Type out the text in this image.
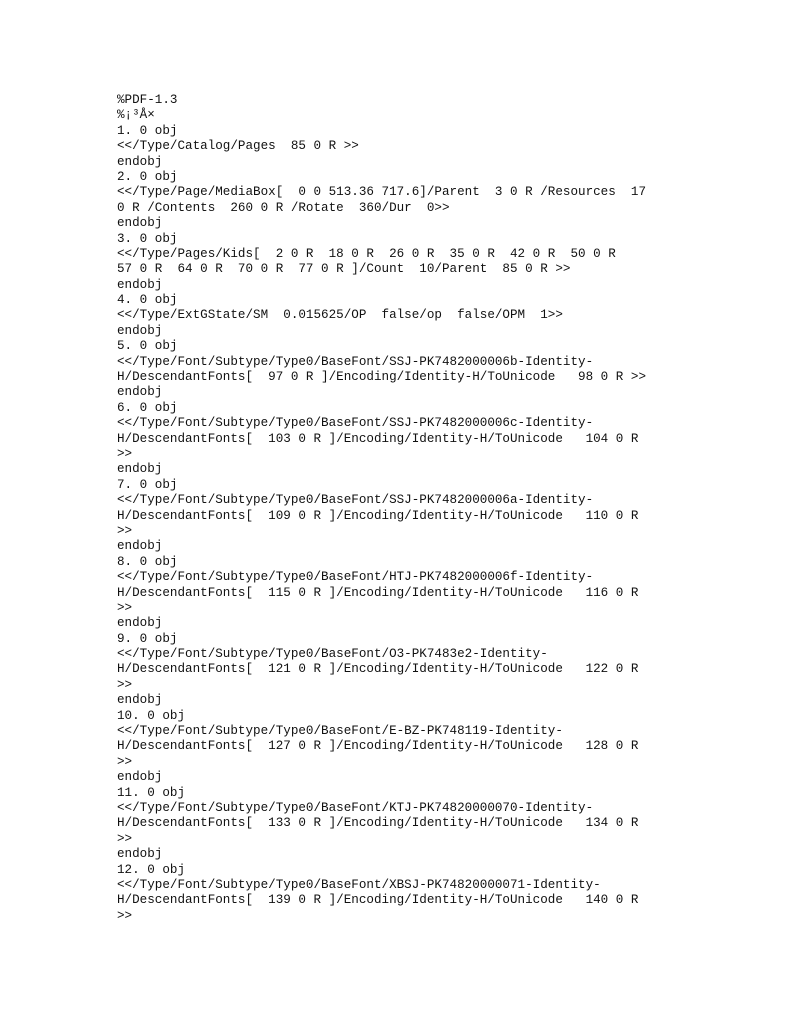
%PDF-1.3
%¡³Å×
1. 0 obj
<</Type/Catalog/Pages  85 0 R >>
endobj
2. 0 obj
<</Type/Page/MediaBox[  0 0 513.36 717.6]/Parent  3 0 R /Resources  17
0 R /Contents  260 0 R /Rotate  360/Dur  0>>
endobj
3. 0 obj
<</Type/Pages/Kids[  2 0 R  18 0 R  26 0 R  35 0 R  42 0 R  50 0 R
57 0 R  64 0 R  70 0 R  77 0 R ]/Count  10/Parent  85 0 R >>
endobj
4. 0 obj
<</Type/ExtGState/SM  0.015625/OP  false/op  false/OPM  1>>
endobj
5. 0 obj
<</Type/Font/Subtype/Type0/BaseFont/SSJ-PK7482000006b-Identity-
H/DescendantFonts[  97 0 R ]/Encoding/Identity-H/ToUnicode   98 0 R >>
endobj
6. 0 obj
<</Type/Font/Subtype/Type0/BaseFont/SSJ-PK7482000006c-Identity-
H/DescendantFonts[  103 0 R ]/Encoding/Identity-H/ToUnicode   104 0 R
>>
endobj
7. 0 obj
<</Type/Font/Subtype/Type0/BaseFont/SSJ-PK7482000006a-Identity-
H/DescendantFonts[  109 0 R ]/Encoding/Identity-H/ToUnicode   110 0 R
>>
endobj
8. 0 obj
<</Type/Font/Subtype/Type0/BaseFont/HTJ-PK7482000006f-Identity-
H/DescendantFonts[  115 0 R ]/Encoding/Identity-H/ToUnicode   116 0 R
>>
endobj
9. 0 obj
<</Type/Font/Subtype/Type0/BaseFont/O3-PK7483e2-Identity-
H/DescendantFonts[  121 0 R ]/Encoding/Identity-H/ToUnicode   122 0 R
>>
endobj
10. 0 obj
<</Type/Font/Subtype/Type0/BaseFont/E-BZ-PK748119-Identity-
H/DescendantFonts[  127 0 R ]/Encoding/Identity-H/ToUnicode   128 0 R
>>
endobj
11. 0 obj
<</Type/Font/Subtype/Type0/BaseFont/KTJ-PK74820000070-Identity-
H/DescendantFonts[  133 0 R ]/Encoding/Identity-H/ToUnicode   134 0 R
>>
endobj
12. 0 obj
<</Type/Font/Subtype/Type0/BaseFont/XBSJ-PK74820000071-Identity-
H/DescendantFonts[  139 0 R ]/Encoding/Identity-H/ToUnicode   140 0 R
>>
